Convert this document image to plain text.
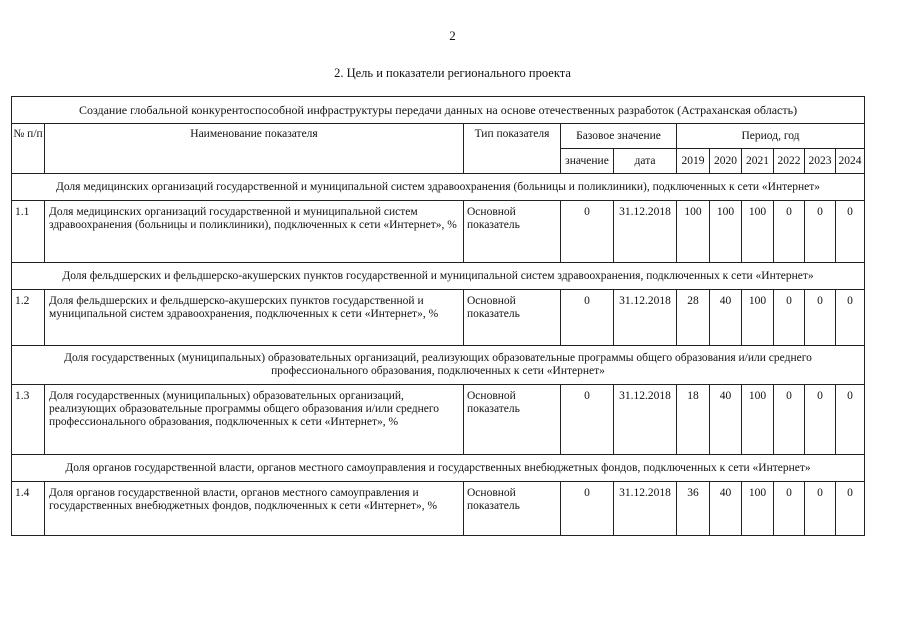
2
2. Цель и показатели регионального проекта
Создание глобальной конкурентоспособной инфраструктуры передачи данных на основе отечественных разработок (Астраханская область)										
№ п/п	Наименование показателя	Тип показателя	Базовое значение		Период, год					
			значение	дата	2019	2020	2021	2022	2023	2024
Доля медицинских организаций государственной и муниципальной систем здравоохранения (больницы и поликлиники), подключенных к сети «Интернет»										
1.1	Доля медицинских организаций государственной и муниципальной систем здравоохранения (больницы и поликлиники), подключенных к сети «Интернет», %	Основной показатель	0	31.12.2018	100	100	100	0	0	0
Доля фельдшерских и фельдшерско-акушерских пунктов государственной и муниципальной систем здравоохранения, подключенных к сети «Интернет»										
1.2	Доля фельдшерских и фельдшерско-акушерских пунктов государственной и муниципальной систем здравоохранения, подключенных к сети «Интернет», %	Основной показатель	0	31.12.2018	28	40	100	0	0	0
Доля государственных (муниципальных) образовательных организаций, реализующих образовательные программы общего образования и/или среднего профессионального образования, подключенных к сети «Интернет»										
1.3	Доля государственных (муниципальных) образовательных организаций, реализующих образовательные программы общего образования и/или среднего профессионального образования, подключенных к сети «Интернет», %	Основной показатель	0	31.12.2018	18	40	100	0	0	0
Доля органов государственной власти, органов местного самоуправления и государственных внебюджетных фондов, подключенных к сети «Интернет»										
1.4	Доля органов государственной власти, органов местного самоуправления и государственных внебюджетных фондов, подключенных к сети «Интернет», %	Основной показатель	0	31.12.2018	36	40	100	0	0	0
